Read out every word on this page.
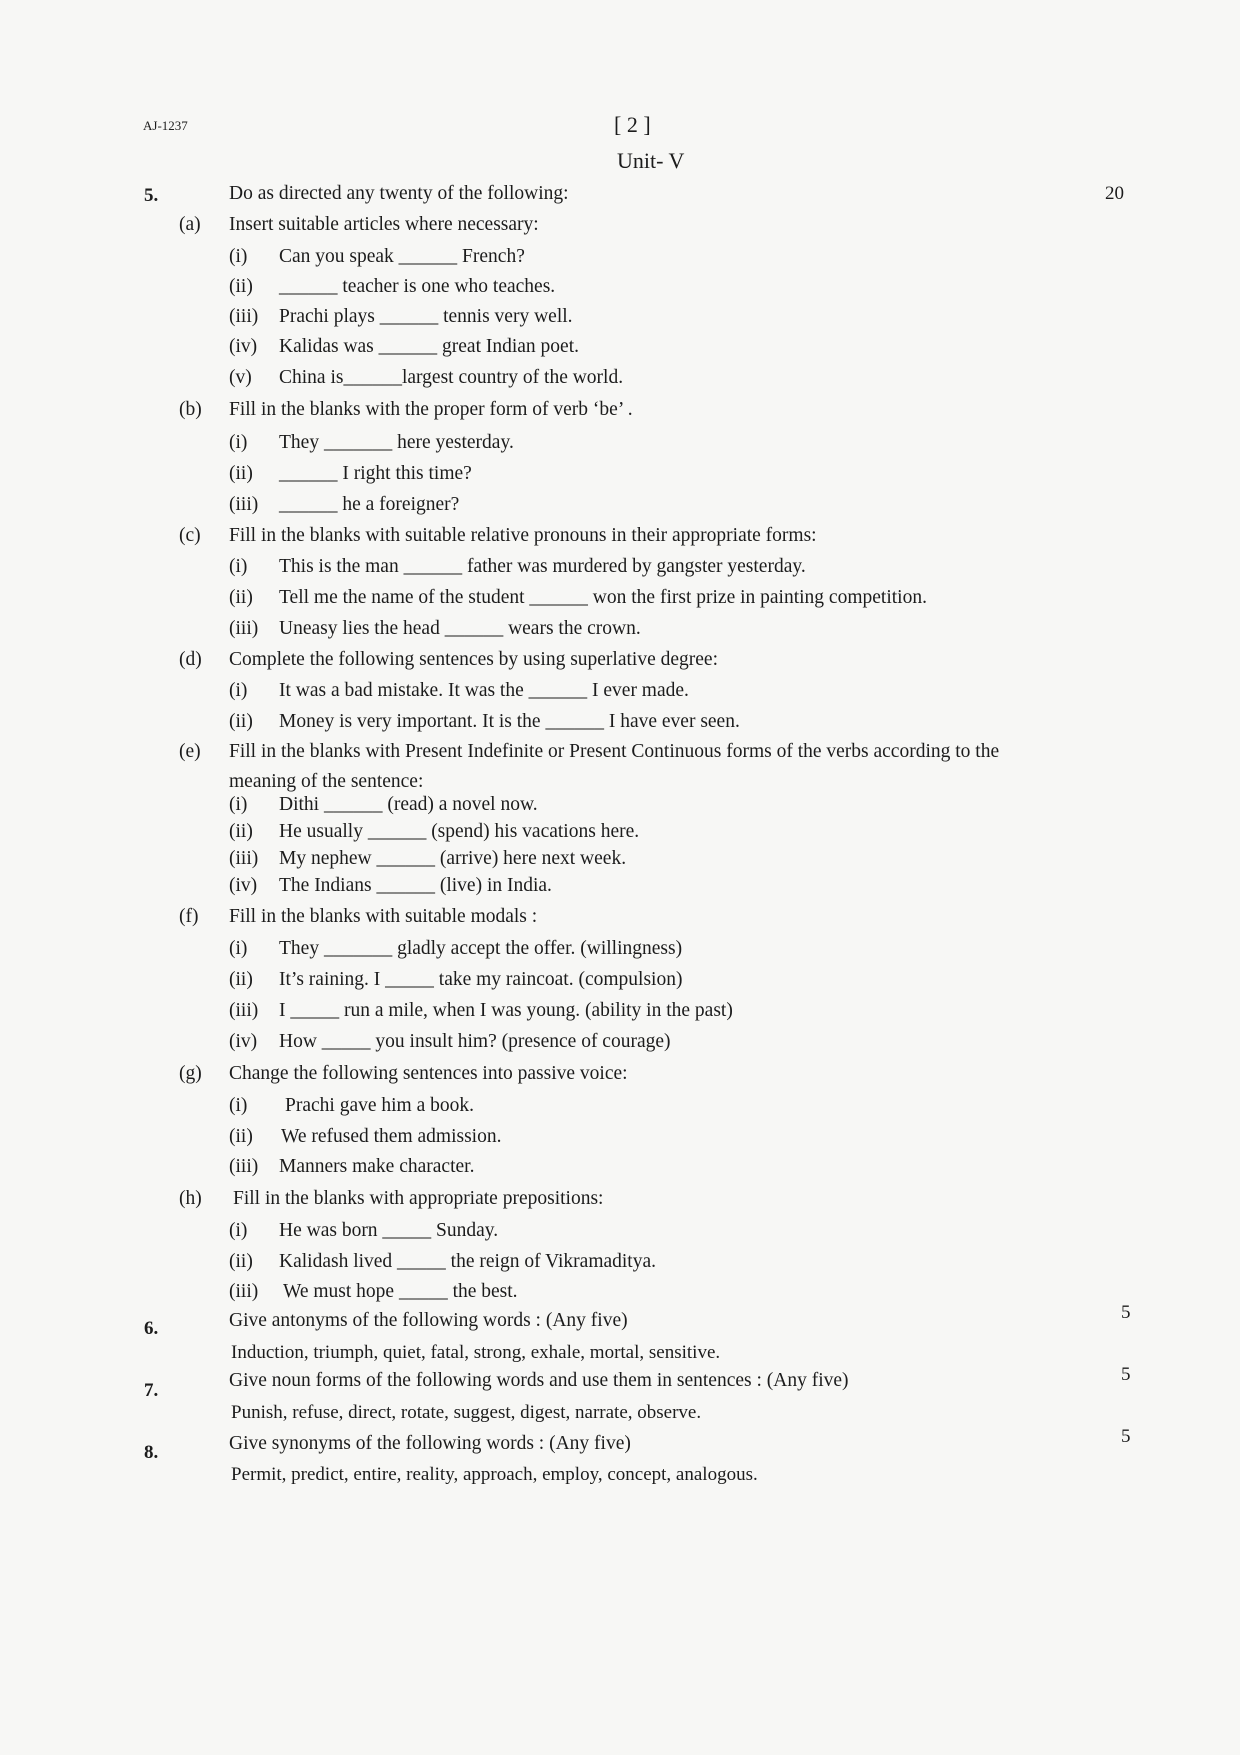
AJ-1237	[ 2 ]
Unit- V
5.	Do as directed any twenty of the following:	20
(a) Insert suitable articles where necessary:
(i) Can you speak ______ French?
(ii) ______ teacher is one who teaches.
(iii) Prachi plays ______ tennis very well.
(iv) Kalidas was ______ great Indian poet.
(v) China is______largest country of the world.
(b) Fill in the blanks with the proper form of verb ‘be’ .
(i) They _______ here yesterday.
(ii) ______ I right this time?
(iii) ______ he a foreigner?
(c) Fill in the blanks with suitable relative pronouns in their appropriate forms:
(i) This is the man ______ father was murdered by gangster yesterday.
(ii) Tell me the name of the student ______ won the first prize in painting competition.
(iii) Uneasy lies the head ______ wears the crown.
(d) Complete the following sentences by using superlative degree:
(i) It was a bad mistake. It was the ______ I ever made.
(ii) Money is very important. It is the ______ I have ever seen.
(e) Fill in the blanks with Present Indefinite or Present Continuous forms of the verbs according to the
meaning of the sentence:
(i) Dithi ______ (read) a novel now.
(ii) He usually ______ (spend) his vacations here.
(iii) My nephew ______ (arrive) here next week.
(iv) The Indians ______ (live) in India.
(f) Fill in the blanks with suitable modals :
(i) They _______ gladly accept the offer. (willingness)
(ii) It’s raining. I _____ take my raincoat. (compulsion)
(iii) I _____ run a mile, when I was young. (ability in the past)
(iv) How _____ you insult him? (presence of courage)
(g) Change the following sentences into passive voice:
(i) Prachi gave him a book.
(ii) We refused them admission.
(iii) Manners make character.
(h) Fill in the blanks with appropriate prepositions:
(i) He was born _____ Sunday.
(ii) Kalidash lived _____ the reign of Vikramaditya.
(iii) We must hope _____ the best.
6.	Give antonyms of the following words : (Any five)	5
Induction, triumph, quiet, fatal, strong, exhale, mortal, sensitive.
7.	Give noun forms of the following words and use them in sentences : (Any five)	5
Punish, refuse, direct, rotate, suggest, digest, narrate, observe.
8.	Give synonyms of the following words : (Any five)	5
Permit, predict, entire, reality, approach, employ, concept, analogous.
